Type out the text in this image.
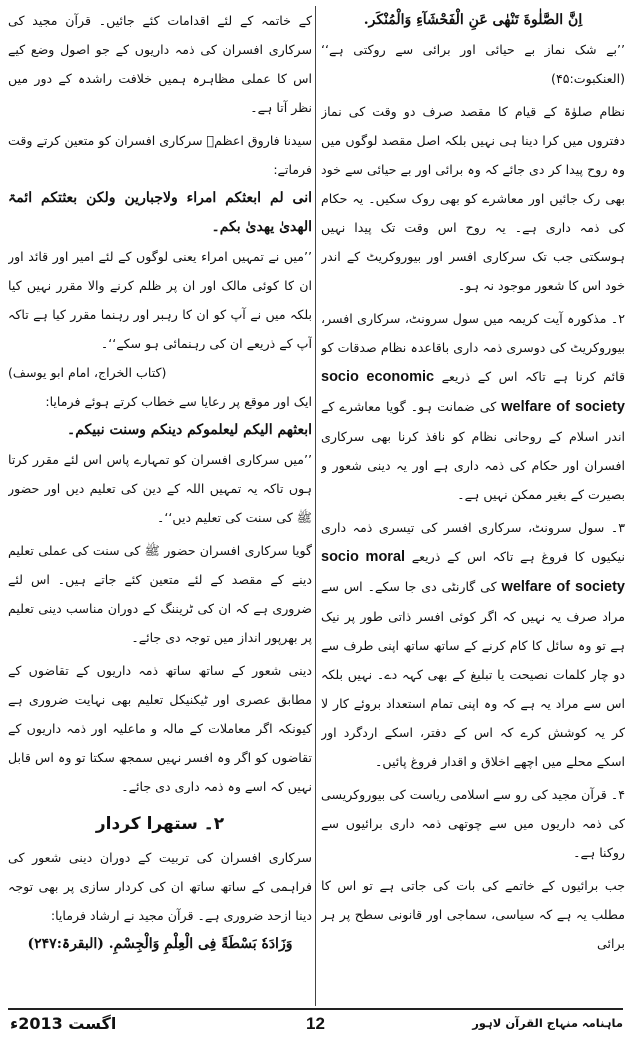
اِنَّ الصَّلٰوةَ تَنْهٰى عَنِ الْفَحْشَآءِ وَالْمُنْكَر.

’’بے شک نماز بے حیائی اور برائی سے روکتی ہے‘‘ (العنکبوت:۴۵)

نظام صلوٰۃ کے قیام کا مقصد صرف دو وقت کی نماز دفتروں میں کرا دینا ہی نہیں بلکہ اصل مقصد لوگوں میں وہ روح پیدا کر دی جائے کہ وہ برائی اور بے حیائی سے خود بھی رک جائیں اور معاشرے کو بھی روک سکیں۔ یہ حکام کی ذمہ داری ہے۔ یہ روح اس وقت تک پیدا نہیں ہوسکتی جب تک سرکاری افسر اور بیوروکریٹ کے اندر خود اس کا شعور موجود نہ ہو۔

۲۔ مذکورہ آیت کریمہ میں سول سرونٹ، سرکاری افسر، بیوروکریٹ کی دوسری ذمہ داری باقاعدہ نظام صدقات کو قائم کرنا ہے تاکہ اس کے ذریعے socio economic welfare of society کی ضمانت ہو۔ گویا معاشرے کے اندر اسلام کے روحانی نظام کو نافذ کرنا بھی سرکاری افسران اور حکام کی ذمہ داری ہے اور یہ دینی شعور و بصیرت کے بغیر ممکن نہیں ہے۔

۳۔ سول سرونٹ، سرکاری افسر کی تیسری ذمہ داری نیکیوں کا فروغ ہے تاکہ اس کے ذریعے socio moral welfare of society کی گارنٹی دی جا سکے۔ اس سے مراد صرف یہ نہیں کہ اگر کوئی افسر ذاتی طور پر نیک ہے تو وہ سائل کا کام کرنے کے ساتھ ساتھ اپنی طرف سے دو چار کلمات نصیحت یا تبلیغ کے بھی کہہ دے۔ نہیں بلکہ اس سے مراد یہ ہے کہ وہ اپنی تمام استعداد بروئے کار لا کر یہ کوشش کرے کہ اس کے دفتر، اسکے اردگرد اور اسکے محلے میں اچھے اخلاق و اقدار فروغ پائیں۔

۴۔ قرآن مجید کی رو سے اسلامی ریاست کی بیوروکریسی کی ذمہ داریوں میں سے چوتھی ذمہ داری برائیوں سے روکنا ہے۔

جب برائیوں کے خاتمے کی بات کی جاتی ہے تو اس کا مطلب یہ ہے کہ سیاسی، سماجی اور قانونی سطح پر ہر برائی

کے خاتمہ کے لئے اقدامات کئے جائیں۔ قرآن مجید کی سرکاری افسران کی ذمہ داریوں کے جو اصول وضع کیے اس کا عملی مظاہرہ ہمیں خلافت راشدہ کے دور میں نظر آتا ہے۔

سیدنا فاروق اعظمؓ سرکاری افسران کو متعین کرتے وقت فرماتے:

انی لم ابعثکم امراء ولاجبارین ولکن بعثتکم ائمۃ الھدیٰ یھدیٰ بکم۔

’’میں نے تمہیں امراء یعنی لوگوں کے لئے امیر اور قائد اور ان کا کوئی مالک اور ان پر ظلم کرنے والا مقرر نہیں کیا بلکہ میں نے آپ کو ان کا رہبر اور رہنما مقرر کیا ہے تاکہ آپ کے ذریعے ان کی رہنمائی ہو سکے‘‘۔

(کتاب الخراج، امام ابو یوسف)

ایک اور موقع پر رعایا سے خطاب کرتے ہوئے فرمایا:

ابعثھم الیکم لیعلموکم دینکم وسنت نبیکم۔

’’میں سرکاری افسران کو تمہارے پاس اس لئے مقرر کرتا ہوں تاکہ یہ تمہیں اللہ کے دین کی تعلیم دیں اور حضور ﷺ کی سنت کی تعلیم دیں‘‘۔

گویا سرکاری افسران حضور ﷺ کی سنت کی عملی تعلیم دینے کے مقصد کے لئے متعین کئے جاتے ہیں۔ اس لئے ضروری ہے کہ ان کی ٹریننگ کے دوران مناسب دینی تعلیم پر بھرپور انداز میں توجہ دی جائے۔

دینی شعور کے ساتھ ساتھ ذمہ داریوں کے تقاضوں کے مطابق عصری اور ٹیکنیکل تعلیم بھی نہایت ضروری ہے کیونکہ اگر معاملات کے مالہ و ماعلیہ اور ذمہ داریوں کے تقاضوں کو اگر وہ افسر نہیں سمجھ سکتا تو وہ اس قابل نہیں کہ اسے وہ ذمہ داری دی جائے۔

۲۔ ستھرا کردار

سرکاری افسران کی تربیت کے دوران دینی شعور کی فراہمی کے ساتھ ساتھ ان کی کردار سازی پر بھی توجہ دینا ازحد ضروری ہے۔ قرآن مجید نے ارشاد فرمایا:

وَزَادَهٗ بَسْطَةً فِى الْعِلْمِ وَالْجِسْمِ. (البقرۃ:۲۴۷)

ماہنامہ منہاج القرآن لاہور
12
اگست 2013ء
